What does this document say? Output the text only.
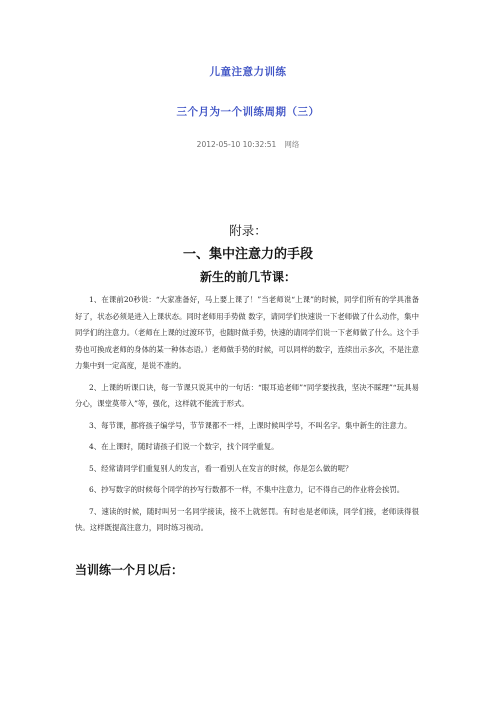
儿童注意力训练
三个月为一个训练周期（三）
2012-05-10 10:32:51 网络
附录：
一、集中注意力的手段
新生的前几节课：

1、在课前20秒说：“大家准备好，马上要上课了！”当老师说“上课”的时候，同学们所有的学具准备好了，状态必须是进入上课状态。同时老师用手势做 数字，请同学们快速说一下老师做了什么动作，集中同学们的注意力。（老师在上课的过渡环节，也随时做手势，快速的请同学们说一下老师做了什么。这个手势也可换成老师的身体的某一种体态语。）老师做手势的时候，可以同样的数字，连续出示多次，不是注意力集中到一定高度，是说不准的。

2、上课的听课口诀，每一节课只说其中的一句话：“眼耳追老师”“同学要找我，坚决不睬理”“玩具易分心，课堂莫带入”等，强化，这样就不能流于形式。

3、每节课，都将孩子编学号，节节课都不一样，上课时候叫学号，不叫名字。集中新生的注意力。

4、在上课时，随时请孩子们说一个数字，找个同学重复。

5、经常请同学们重复别人的发言，看一看别人在发言的时候，你是怎么做的呢？

6、抄写数字的时候每个同学的抄写行数都不一样，不集中注意力，记不得自己的作业将会挨罚。

7、速读的时候，随时叫另一名同学接读，接不上就惩罚。有时也是老师读，同学们接，老师读得很快。这样既提高注意力，同时练习视动。

当训练一个月以后：
